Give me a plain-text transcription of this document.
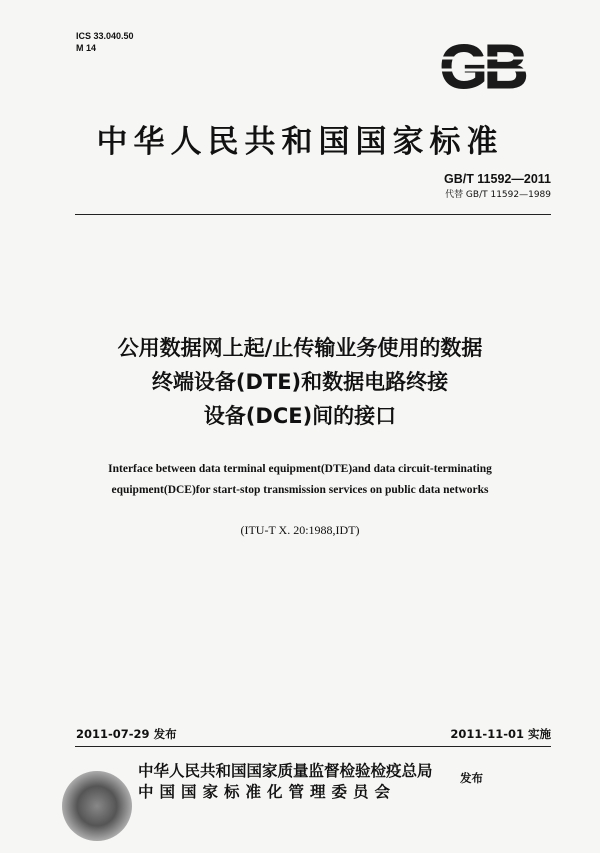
ICS 33.040.50
M 14	GB
中华人民共和国国家标准
GB/T 11592—2011
代替 GB/T 11592—1989
公用数据网上起/止传输业务使用的数据
终端设备(DTE)和数据电路终接
设备(DCE)间的接口
Interface between data terminal equipment(DTE)and data circuit-terminating
equipment(DCE)for start-stop transmission services on public data networks
(ITU-T X. 20:1988,IDT)
2011-07-29 发布	2011-11-01 实施
中华人民共和国国家质量监督检验检疫总局
中国国家标准化管理委员会
发布
